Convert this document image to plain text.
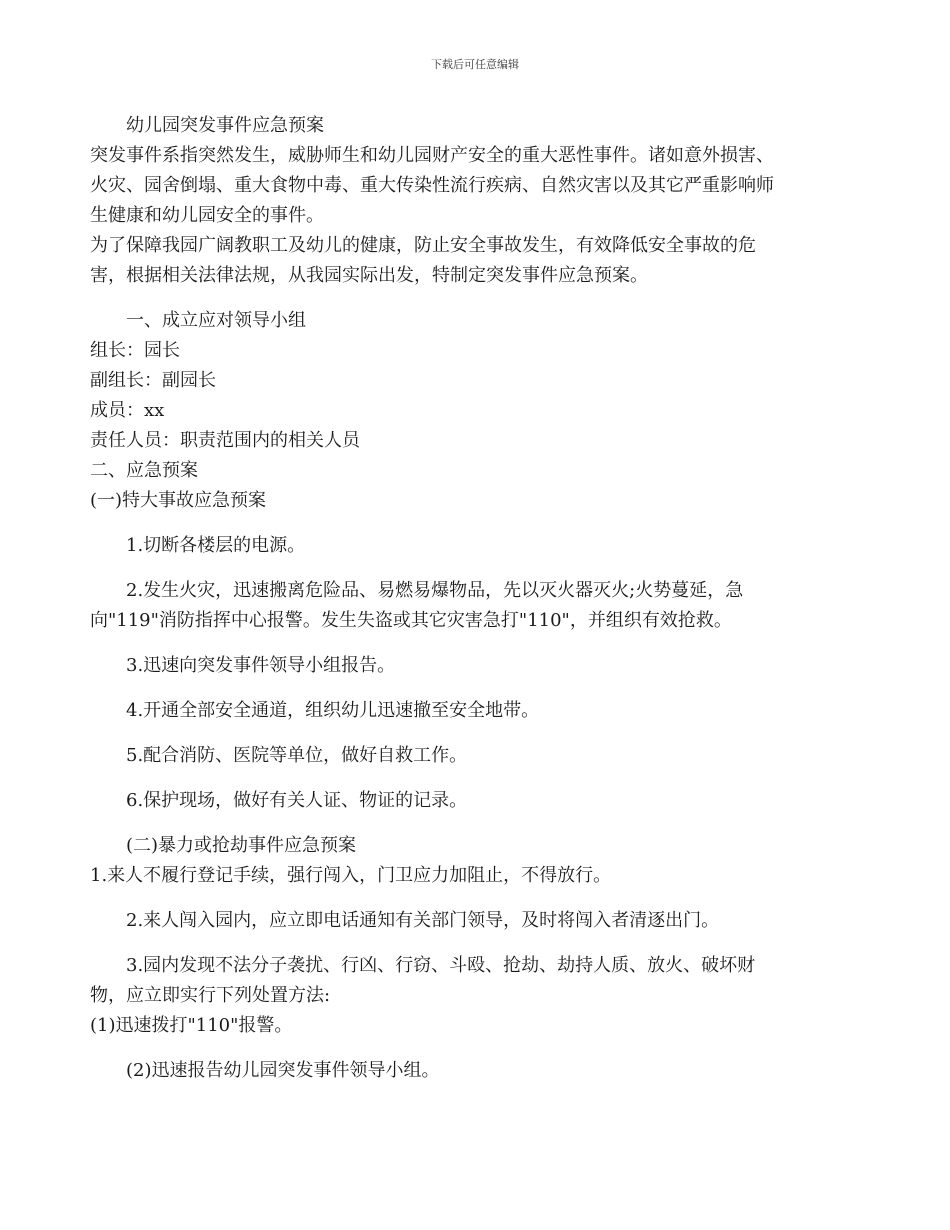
下载后可任意编辑
幼儿园突发事件应急预案
突发事件系指突然发生，威胁师生和幼儿园财产安全的重大恶性事件。诸如意外损害、
火灾、园舍倒塌、重大食物中毒、重大传染性流行疾病、自然灾害以及其它严重影响师
生健康和幼儿园安全的事件。
为了保障我园广阔教职工及幼儿的健康，防止安全事故发生，有效降低安全事故的危
害，根据相关法律法规，从我园实际出发，特制定突发事件应急预案。
一、成立应对领导小组
组长：园长
副组长：副园长
成员：xx
责任人员：职责范围内的相关人员
二、应急预案
(一)特大事故应急预案
1.切断各楼层的电源。
2.发生火灾，迅速搬离危险品、易燃易爆物品，先以灭火器灭火;火势蔓延，急
向"119"消防指挥中心报警。发生失盗或其它灾害急打"110"，并组织有效抢救。
3.迅速向突发事件领导小组报告。
4.开通全部安全通道，组织幼儿迅速撤至安全地带。
5.配合消防、医院等单位，做好自救工作。
6.保护现场，做好有关人证、物证的记录。
(二)暴力或抢劫事件应急预案
1.来人不履行登记手续，强行闯入，门卫应力加阻止，不得放行。
2.来人闯入园内，应立即电话通知有关部门领导，及时将闯入者清逐出门。
3.园内发现不法分子袭扰、行凶、行窃、斗殴、抢劫、劫持人质、放火、破坏财
物，应立即实行下列处置方法:
(1)迅速拨打"110"报警。
(2)迅速报告幼儿园突发事件领导小组。
